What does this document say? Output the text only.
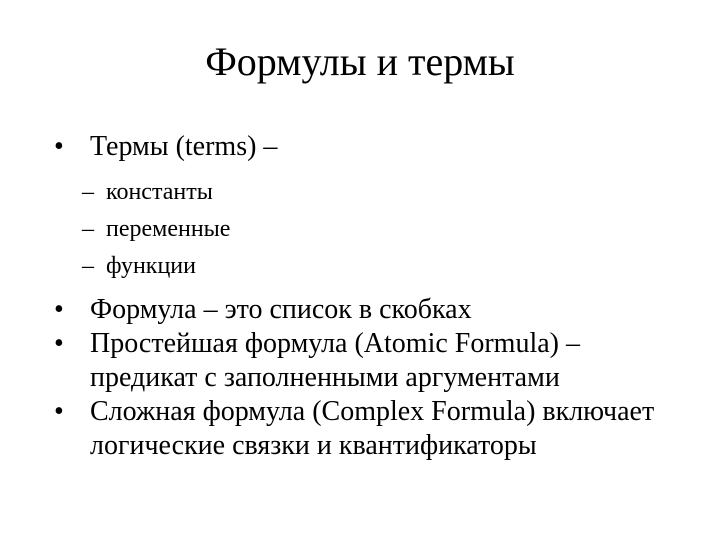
Формулы и термы
• Термы (terms) –
– константы
– переменные
– функции
• Формула – это список в скобках
• Простейшая формула (Atomic Formula) – предикат с заполненными аргументами
• Сложная формула (Complex Formula) включает логические связки и квантификаторы
